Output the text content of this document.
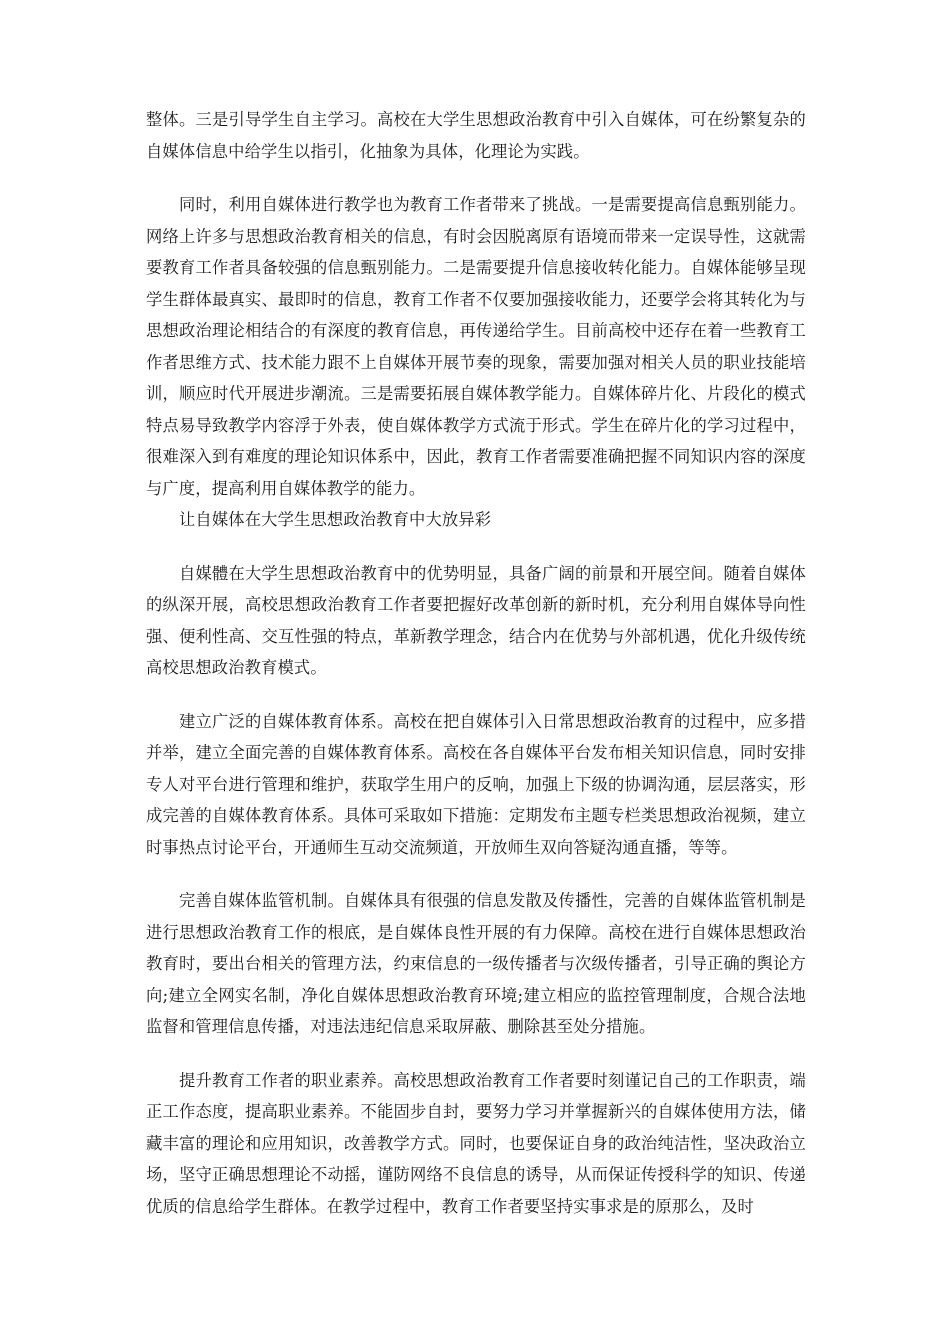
整体。三是引导学生自主学习。高校在大学生思想政治教育中引入自媒体，可在纷繁复杂的自媒体信息中给学生以指引，化抽象为具体，化理论为实践。

同时，利用自媒体进行教学也为教育工作者带来了挑战。一是需要提高信息甄别能力。网络上许多与思想政治教育相关的信息，有时会因脱离原有语境而带来一定误导性，这就需要教育工作者具备较强的信息甄别能力。二是需要提升信息接收转化能力。自媒体能够呈现学生群体最真实、最即时的信息，教育工作者不仅要加强接收能力，还要学会将其转化为与思想政治理论相结合的有深度的教育信息，再传递给学生。目前高校中还存在着一些教育工作者思维方式、技术能力跟不上自媒体开展节奏的现象，需要加强对相关人员的职业技能培训，顺应时代开展进步潮流。三是需要拓展自媒体教学能力。自媒体碎片化、片段化的模式特点易导致教学内容浮于外表，使自媒体教学方式流于形式。学生在碎片化的学习过程中，很难深入到有难度的理论知识体系中，因此，教育工作者需要准确把握不同知识内容的深度与广度，提高利用自媒体教学的能力。

让自媒体在大学生思想政治教育中大放异彩

自媒體在大学生思想政治教育中的优势明显，具备广阔的前景和开展空间。随着自媒体的纵深开展，高校思想政治教育工作者要把握好改革创新的新时机，充分利用自媒体导向性强、便利性高、交互性强的特点，革新教学理念，结合内在优势与外部机遇，优化升级传统高校思想政治教育模式。

建立广泛的自媒体教育体系。高校在把自媒体引入日常思想政治教育的过程中，应多措并举，建立全面完善的自媒体教育体系。高校在各自媒体平台发布相关知识信息，同时安排专人对平台进行管理和维护，获取学生用户的反响，加强上下级的协调沟通，层层落实，形成完善的自媒体教育体系。具体可采取如下措施：定期发布主题专栏类思想政治视频，建立时事热点讨论平台，开通师生互动交流频道，开放师生双向答疑沟通直播，等等。

完善自媒体监管机制。自媒体具有很强的信息发散及传播性，完善的自媒体监管机制是进行思想政治教育工作的根底，是自媒体良性开展的有力保障。高校在进行自媒体思想政治教育时，要出台相关的管理方法，约束信息的一级传播者与次级传播者，引导正确的舆论方向;建立全网实名制，净化自媒体思想政治教育环境;建立相应的监控管理制度，合规合法地监督和管理信息传播，对违法违纪信息采取屏蔽、删除甚至处分措施。

提升教育工作者的职业素养。高校思想政治教育工作者要时刻谨记自己的工作职责，端正工作态度，提高职业素养。不能固步自封，要努力学习并掌握新兴的自媒体使用方法，储藏丰富的理论和应用知识，改善教学方式。同时，也要保证自身的政治纯洁性，坚决政治立场，坚守正确思想理论不动摇，谨防网络不良信息的诱导，从而保证传授科学的知识、传递优质的信息给学生群体。在教学过程中，教育工作者要坚持实事求是的原那么，及时
